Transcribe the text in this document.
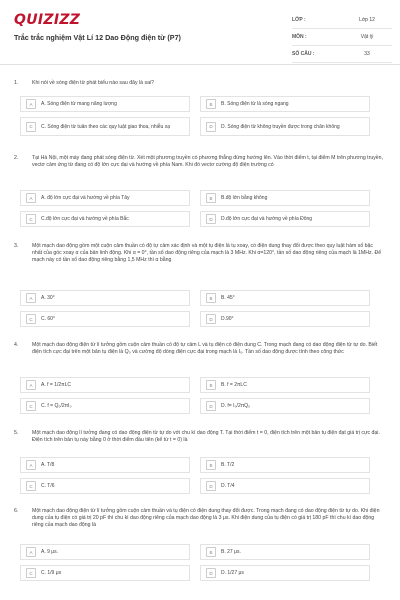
QUIZIZZ
Trắc trắc nghiệm Vật Lí 12 Dao Động điện từ (P7)
LỚP :	Lớp 12
MÔN :	Vật lý
SỐ CÂU :	33
1.	Khi nói về sóng điện từ phát biểu nào sau đây là sai?
A	A. Sóng điện từ mang năng lượng	B	B. Sóng điện từ là sóng ngang
C	C. Sóng điện từ tuân theo các quy luật giao thoa, nhiễu xạ	D	D. Sóng điện từ không truyền được trong chân không
2.	Tại Hà Nội, một máy đang phát sóng điện từ. Xét một phương truyền có phương thẳng đứng hướng lên. Vào thời điểm t, tại điểm M trên phương truyền, vectơ cảm ứng từ đang có độ lớn cực đại và hướng về phía Nam. Khi đó vectơ cường độ điện trường có
A	A. độ lớn cực đại và hướng về phía Tây	B	B.độ lớn bằng không
C	C.độ lớn cực đại và hướng về phía Bắc	D	D.độ lớn cực đại và hướng về phía Đông
3.	Một mạch dao động gồm một cuộn cảm thuần có độ tự cảm xác định và một tụ điện là tụ xoay, có điện dung thay đổi được theo quy luật hàm số bậc nhất của góc xoay α của bản linh động. Khi α = 0°, tần số dao động riêng của mạch là 3 MHz. Khi α=120°, tần số dao động riêng của mạch là 1MHz. Để mạch này có tần số dao động riêng bằng 1,5 MHz thì α bằng
A	A. 30°	B	B. 45°
C	C. 60°	D	D.90°
4.	Một mạch dao động điện từ lí tưởng gồm cuộn cảm thuần có độ tự cảm L và tụ điện có điện dung C. Trong mạch đang có dao động điện từ tự do. Biết điện tích cực đại trên một bản tụ điện là Q₀ và cường độ dòng điện cực đại trong mạch là I₀. Tần số dao động được tính theo công thức
A	A. f = 1/2πLC	B	B. f = 2πLC
C	C. f = Q₀/2πI₀	D	D. f= I₀/2πQ₀
5.	Một mạch dao động lí tưởng đang có dao động điện từ tự do với chu kì dao động T. Tại thời điểm t = 0, điện tích trên một bản tụ điện đạt giá trị cực đại. Điện tích trên bản tụ này bằng 0 ở thời điểm đầu tiên (kể từ t = 0) là
A	A. T/8	B	B. T/2
C	C. T/6	D	D. T/4
6.	Một mạch dao động điện từ lí tưởng gồm cuộn cảm thuần và tụ điện có điện dung thay đổi được. Trong mạch đang có dao động điện từ tự do. Khi điện dung của tụ điện có giá trị 20 pF thì chu kì dao động riêng của mạch dao động là 3 μs. Khi điện dung của tụ điện có giá trị 180 pF thì chu kì dao động riêng của mạch dao động là
A	A. 9 μs.	B	B. 27 μs.
C	C. 1/9 μs	D	D. 1/27 μs
